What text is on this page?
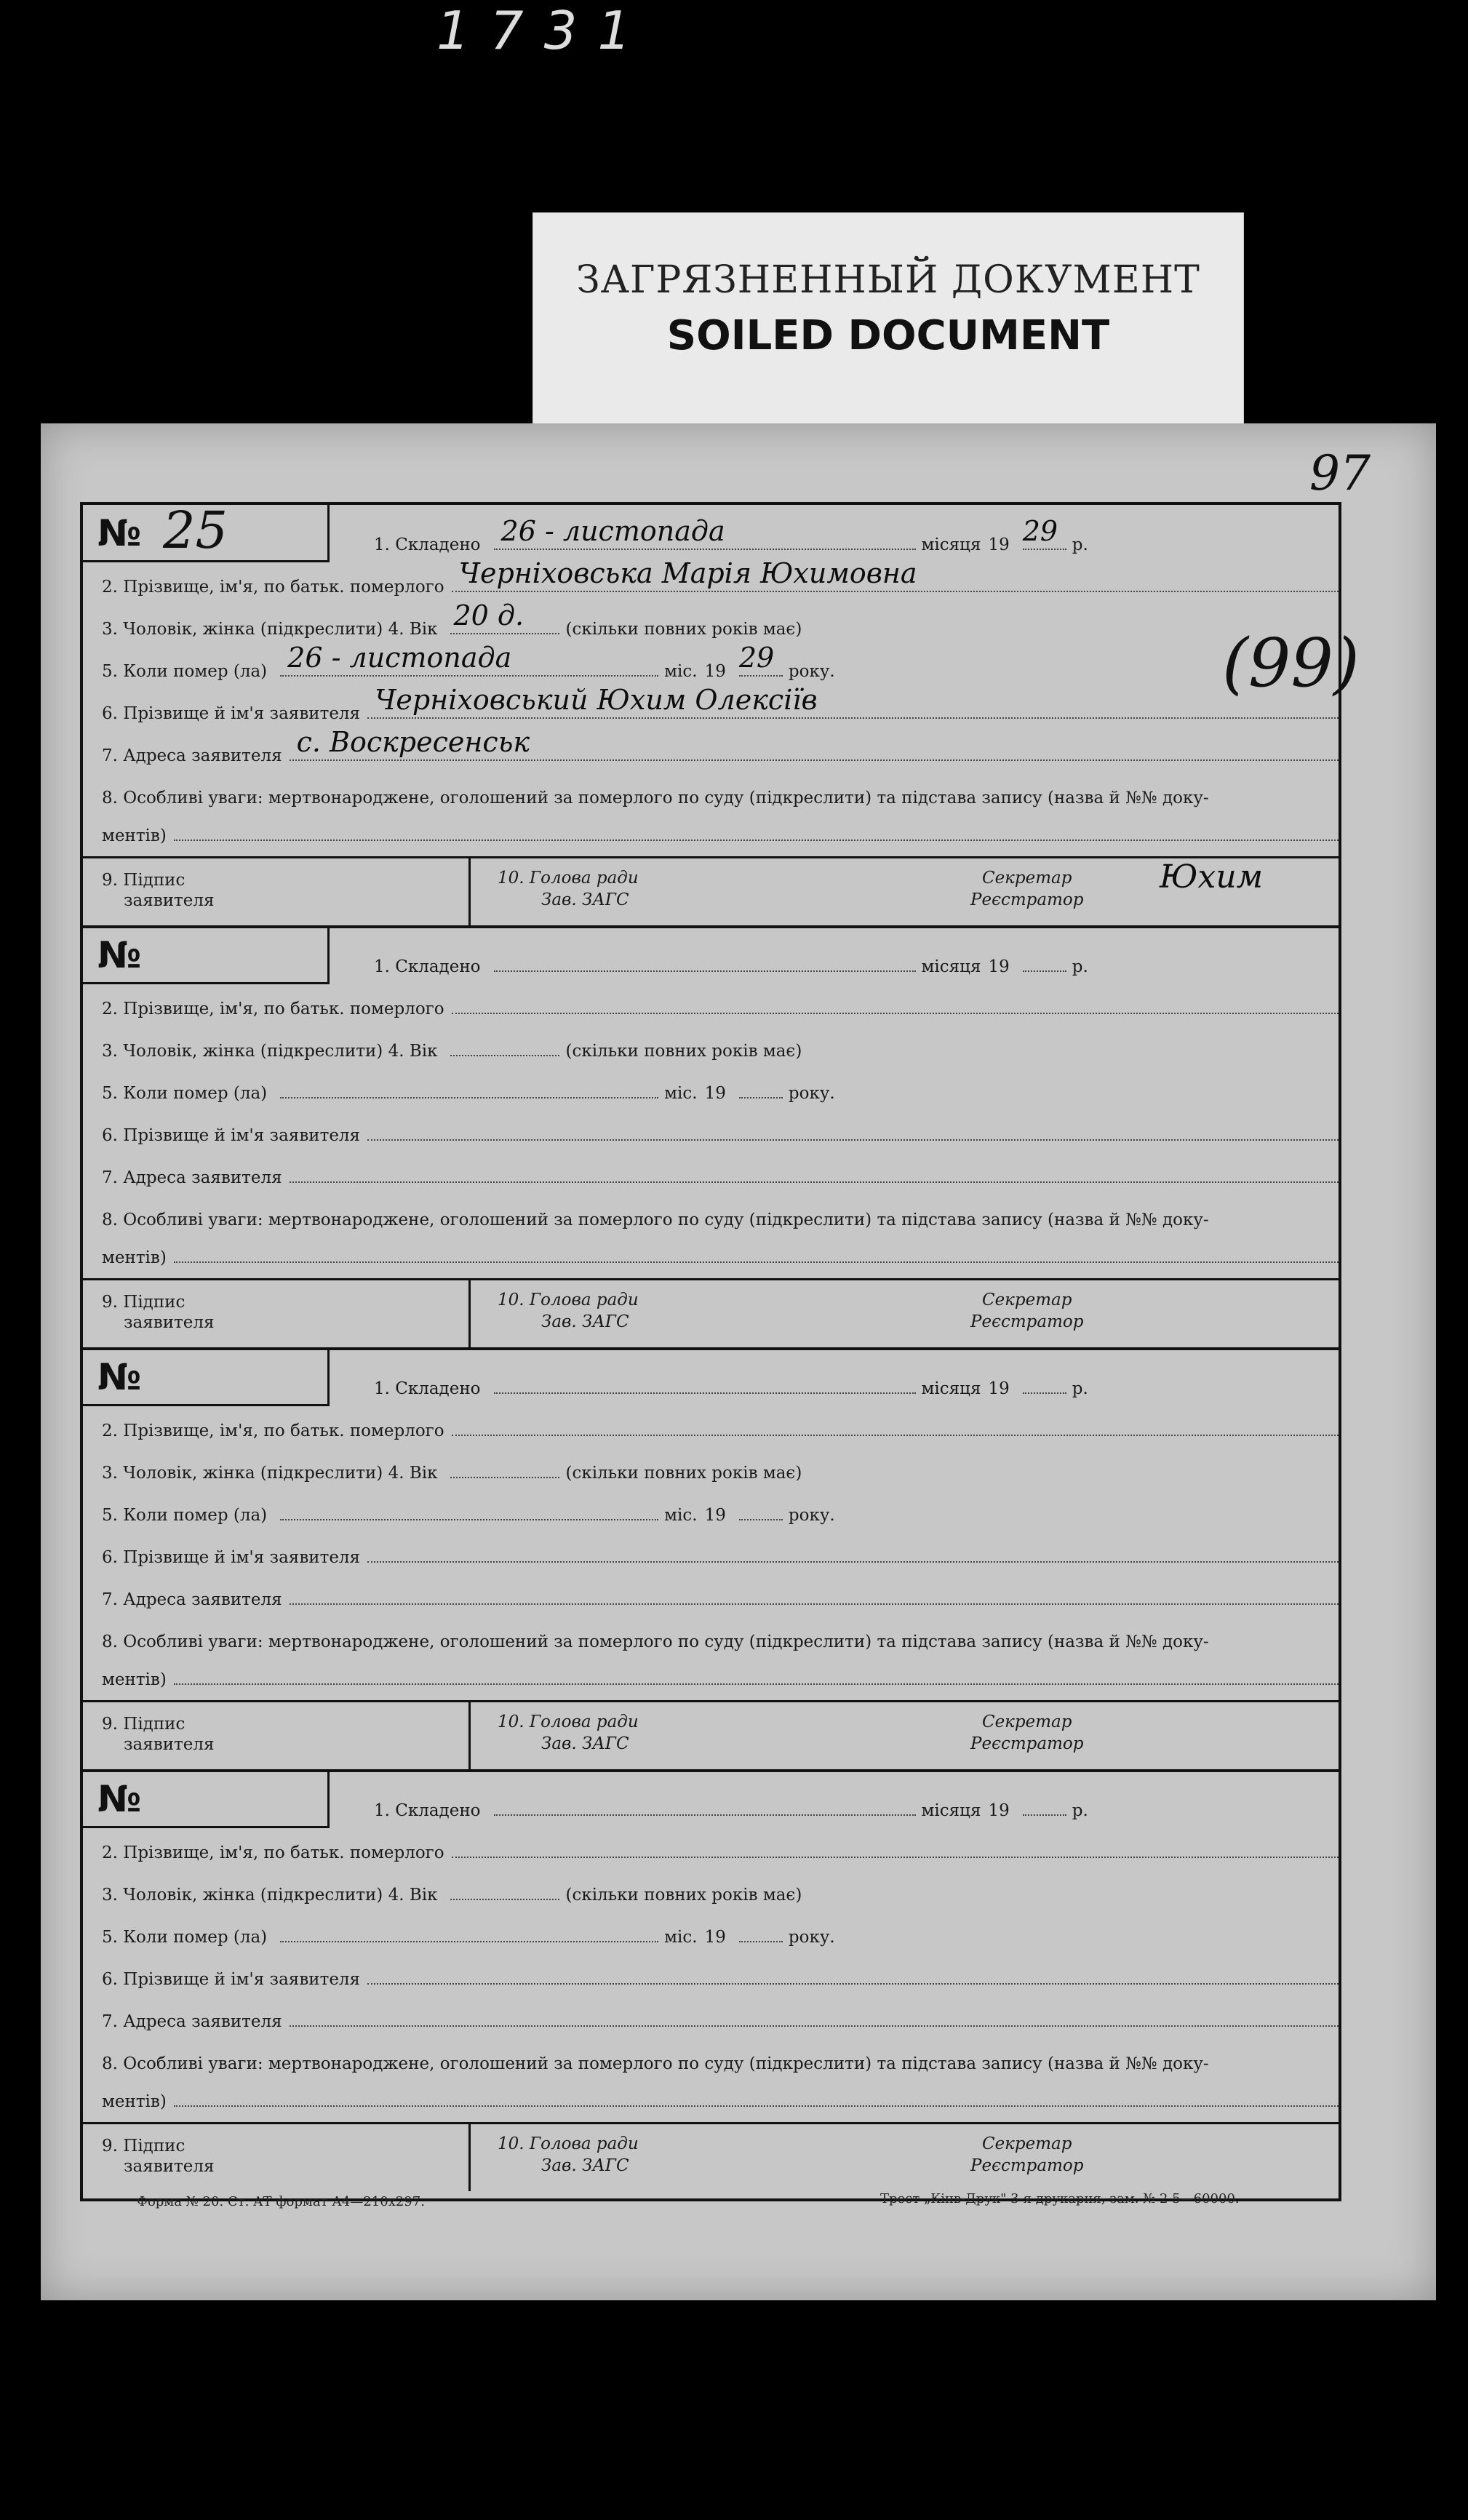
1731
ЗАГРЯЗНЕННЫЙ ДОКУМЕНТ
SOILED DOCUMENT
97
(99)
№ 25	1. Складено 26 - листопада	місяця 19 29 р.
2. Прізвище, ім'я, по батьк. померлого Черніховська Марія Юхимовна
3. Чоловік, жінка (підкреслити) 4. Вік 20 д. (скільки повних років має)
5. Коли помер (ла) 26 - листопада	міс. 19 29 року.
6. Прізвище й ім'я заявителя Черніховський Юхим Олексіїв
7. Адреса заявителя с. Воскресенськ
8. Особливі уваги: мертвонароджене, оголошений за померлого по суду (підкреслити) та підстава запису (назва й №№ доку-
ментів)
9. Підпис
заявителя
10. Голова ради
Зав. ЗАГС
Секретар
Реєстратор
Юхим
№	1. Складено	місяця 19	р.
2. Прізвище, ім'я, по батьк. померлого
3. Чоловік, жінка (підкреслити) 4. Вік	(скільки повних років має)
5. Коли помер (ла)	міс. 19	року.
6. Прізвище й ім'я заявителя
7. Адреса заявителя
8. Особливі уваги: мертвонароджене, оголошений за померлого по суду (підкреслити) та підстава запису (назва й №№ доку-
ментів)
9. Підпис
заявителя
10. Голова ради
Зав. ЗАГС
Секретар
Реєстратор
№	1. Складено	місяця 19	р.
2. Прізвище, ім'я, по батьк. померлого
3. Чоловік, жінка (підкреслити) 4. Вік	(скільки повних років має)
5. Коли помер (ла)	міс. 19	року.
6. Прізвище й ім'я заявителя
7. Адреса заявителя
8. Особливі уваги: мертвонароджене, оголошений за померлого по суду (підкреслити) та підстава запису (назва й №№ доку-
ментів)
9. Підпис
заявителя
10. Голова ради
Зав. ЗАГС
Секретар
Реєстратор
№	1. Складено	місяця 19	р.
2. Прізвище, ім'я, по батьк. померлого
3. Чоловік, жінка (підкреслити) 4. Вік	(скільки повних років має)
5. Коли помер (ла)	міс. 19	року.
6. Прізвище й ім'я заявителя
7. Адреса заявителя
8. Особливі уваги: мертвонароджене, оголошений за померлого по суду (підкреслити) та підстава запису (назва й №№ доку-
ментів)
9. Підпис
заявителя
10. Голова ради
Зав. ЗАГС
Секретар
Реєстратор
Форма № 20. Ст. АТ формат А4—210х297.	Трест „Кінв-Друк" 3-я друкарня, зам. № 2 5—60000.
